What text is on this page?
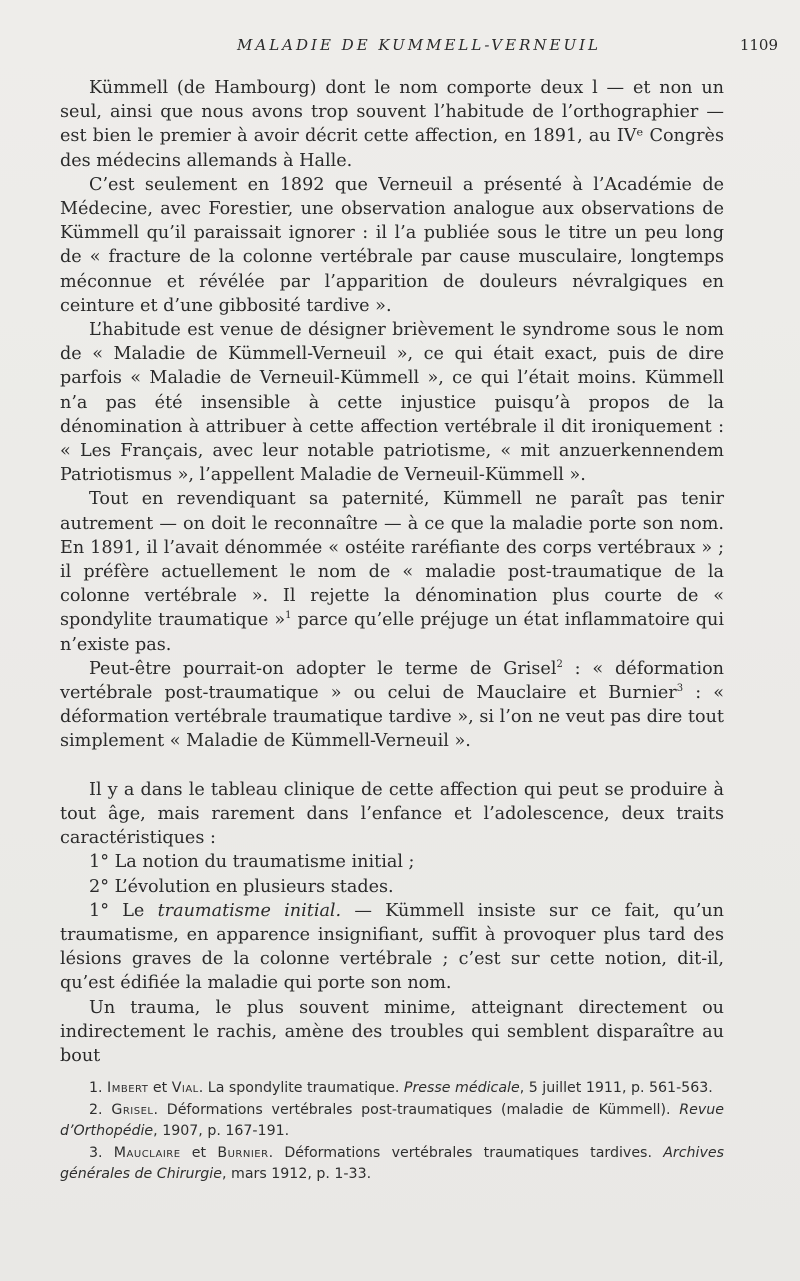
MALADIE DE KUMMELL-VERNEUIL	1109

Kümmell (de Hambourg) dont le nom comporte deux l — et non un seul, ainsi que nous avons trop souvent l’habitude de l’orthographier — est bien le premier à avoir décrit cette affection, en 1891, au IVᵉ Congrès des médecins allemands à Halle.

C’est seulement en 1892 que Verneuil a présenté à l’Académie de Médecine, avec Forestier, une observation analogue aux observations de Kümmell qu’il paraissait ignorer : il l’a publiée sous le titre un peu long de « fracture de la colonne vertébrale par cause musculaire, longtemps méconnue et révélée par l’apparition de douleurs névralgiques en ceinture et d’une gibbosité tardive ».

L’habitude est venue de désigner brièvement le syndrome sous le nom de « Maladie de Kümmell-Verneuil », ce qui était exact, puis de dire parfois « Maladie de Verneuil-Kümmell », ce qui l’était moins. Kümmell n’a pas été insensible à cette injustice puisqu’à propos de la dénomination à attribuer à cette affection vertébrale il dit ironiquement : « Les Français, avec leur notable patriotisme, « mit anzuerkennendem Patriotismus », l’appellent Maladie de Verneuil-Kümmell ».

Tout en revendiquant sa paternité, Kümmell ne paraît pas tenir autrement — on doit le reconnaître — à ce que la maladie porte son nom. En 1891, il l’avait dénommée « ostéite raréfiante des corps vertébraux » ; il préfère actuellement le nom de « maladie post-traumatique de la colonne vertébrale ». Il rejette la dénomination plus courte de « spondylite traumatique »$^1$ parce qu’elle préjuge un état inflammatoire qui n’existe pas.

Peut-être pourrait-on adopter le terme de Grisel$^2$ : « déformation vertébrale post-traumatique » ou celui de Mauclaire et Burnier$^3$ : « déformation vertébrale traumatique tardive », si l’on ne veut pas dire tout simplement « Maladie de Kümmell-Verneuil ».

Il y a dans le tableau clinique de cette affection qui peut se produire à tout âge, mais rarement dans l’enfance et l’adolescence, deux traits caractéristiques :

1° La notion du traumatisme initial ;

2° L’évolution en plusieurs stades.

1° Le traumatisme initial. — Kümmell insiste sur ce fait, qu’un traumatisme, en apparence insignifiant, suffit à provoquer plus tard des lésions graves de la colonne vertébrale ; c’est sur cette notion, dit-il, qu’est édifiée la maladie qui porte son nom.

Un trauma, le plus souvent minime, atteignant directement ou indirectement le rachis, amène des troubles qui semblent disparaître au bout

1. Imbert et Vial. La spondylite traumatique. Presse médicale, 5 juillet 1911, p. 561-563.

2. Grisel. Déformations vertébrales post-traumatiques (maladie de Kümmell). Revue d’Orthopédie, 1907, p. 167-191.

3. Mauclaire et Burnier. Déformations vertébrales traumatiques tardives. Archives générales de Chirurgie, mars 1912, p. 1-33.
